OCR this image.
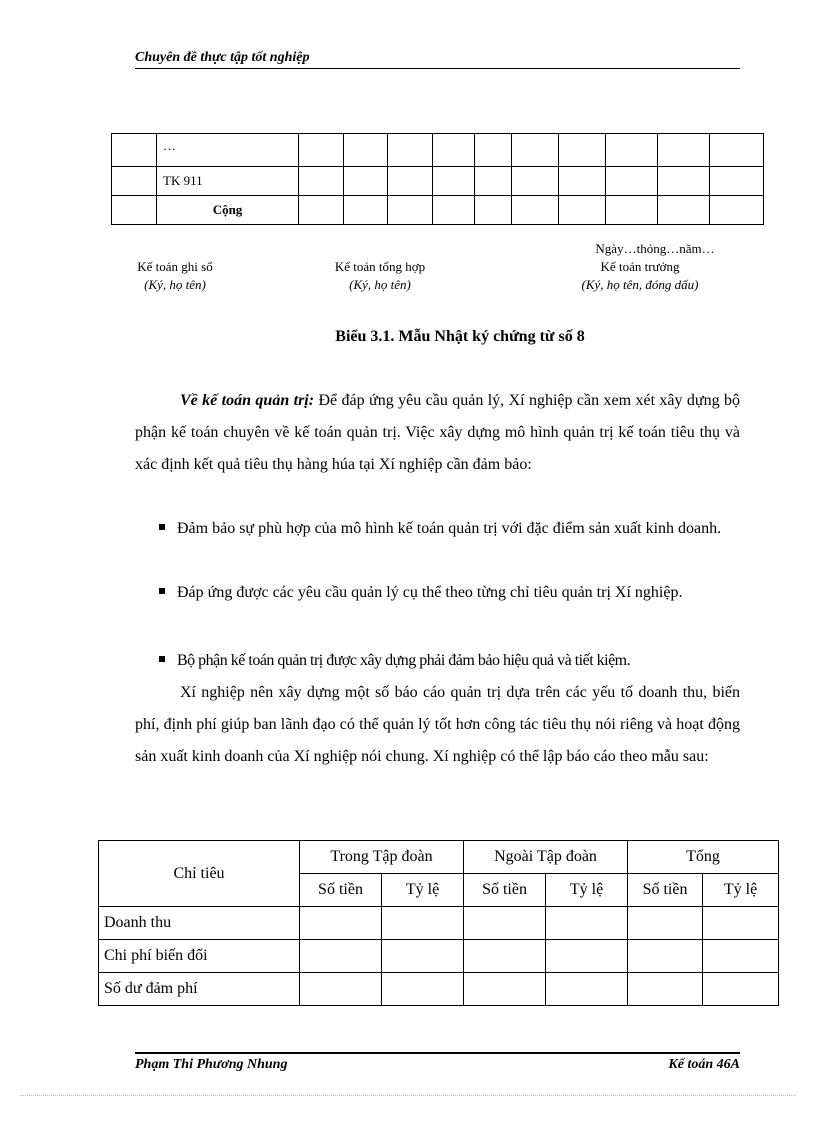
Chuyên đề thực tập tốt nghiệp
	…										
	TK 911										
	Cộng										
Ngày…thỏng…năm…
Kế toán ghi sổ
(Ký, họ tên)
Kế toán tổng hợp
(Ký, họ tên)
Kế toán trưởng
(Ký, họ tên, đóng dấu)
Biểu 3.1. Mẫu Nhật ký chứng từ số 8
Về kế toán quản trị: Để đáp ứng yêu cầu quản lý, Xí nghiệp cần xem xét xây dựng bộ phận kế toán chuyên về kế toán quản trị. Việc xây dựng mô hình quản trị kế toán tiêu thụ và xác định kết quả tiêu thụ hàng húa tại Xí nghiệp cần đảm bảo:
Đảm bảo sự phù hợp của mô hình kế toán quản trị với đặc điểm sản xuất kinh doanh.
Đáp ứng được các yêu cầu quản lý cụ thể theo từng chỉ tiêu quản trị Xí nghiệp.
Bộ phận kế toán quản trị được xây dựng phải đảm bảo hiệu quả và tiết kiệm.
Xí nghiệp nên xây dựng một số báo cáo quản trị dựa trên các yếu tố doanh thu, biến phí, định phí giúp ban lãnh đạo có thể quản lý tốt hơn công tác tiêu thụ nói riêng và hoạt động sản xuất kinh doanh của Xí nghiệp nói chung. Xí nghiệp có thể lập báo cáo theo mẫu sau:
Chỉ tiêu	Trong Tập đoàn		Ngoài Tập đoàn		Tổng	
	Số tiền	Tỷ lệ	Số tiền	Tỷ lệ	Số tiền	Tỷ lệ
Doanh thu						
Chi phí biến đổi						
Số dư đảm phí						
Phạm Thi Phương Nhung	Kế toán 46A
